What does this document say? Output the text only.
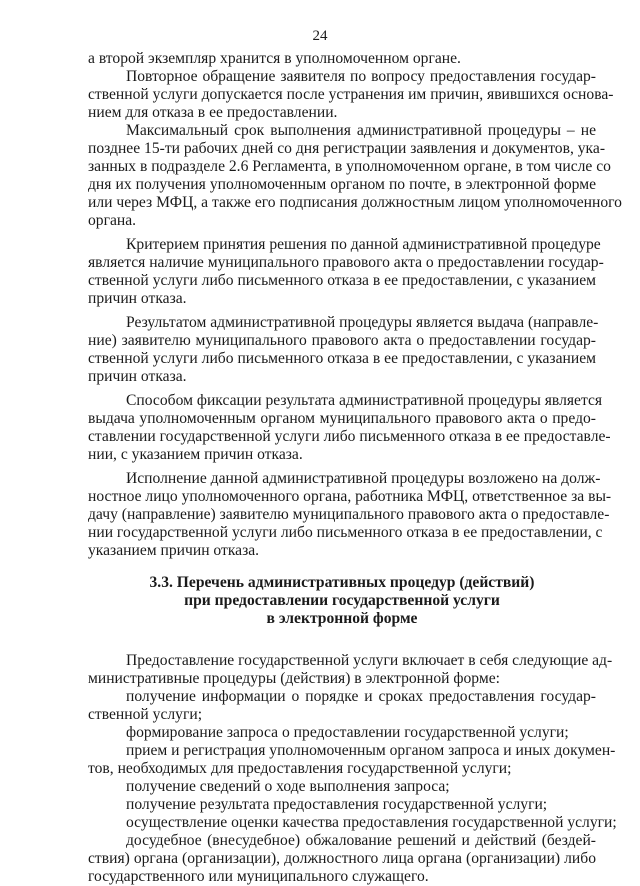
24
а второй экземпляр хранится в уполномоченном органе.
Повторное обращение заявителя по вопросу предоставления государ-
ственной услуги допускается после устранения им причин, явившихся основа-
нием для отказа в ее предоставлении.
Максимальный срок выполнения административной процедуры – не
позднее 15-ти рабочих дней со дня регистрации заявления и документов, ука-
занных в подразделе 2.6 Регламента, в уполномоченном органе, в том числе со
дня их получения уполномоченным органом по почте, в электронной форме
или через МФЦ, а также его подписания должностным лицом уполномоченного
органа.
Критерием принятия решения по данной административной процедуре
является наличие муниципального правового акта о предоставлении государ-
ственной услуги либо письменного отказа в ее предоставлении, с указанием
причин отказа.
Результатом административной процедуры является выдача (направле-
ние) заявителю муниципального правового акта о предоставлении государ-
ственной услуги либо письменного отказа в ее предоставлении, с указанием
причин отказа.
Способом фиксации результата административной процедуры является
выдача уполномоченным органом муниципального правового акта о предо-
ставлении государственной услуги либо письменного отказа в ее предоставле-
нии, с указанием причин отказа.
Исполнение данной административной процедуры возложено на долж-
ностное лицо уполномоченного органа, работника МФЦ, ответственное за вы-
дачу (направление) заявителю муниципального правового акта о предоставле-
нии государственной услуги либо письменного отказа в ее предоставлении, с
указанием причин отказа.
3.3. Перечень административных процедур (действий)
при предоставлении государственной услуги
в электронной форме
Предоставление государственной услуги включает в себя следующие ад-
министративные процедуры (действия) в электронной форме:
получение информации о порядке и сроках предоставления государ-
ственной услуги;
формирование запроса о предоставлении государственной услуги;
прием и регистрация уполномоченным органом запроса и иных докумен-
тов, необходимых для предоставления государственной услуги;
получение сведений о ходе выполнения запроса;
получение результата предоставления государственной услуги;
осуществление оценки качества предоставления государственной услуги;
досудебное (внесудебное) обжалование решений и действий (бездей-
ствия) органа (организации), должностного лица органа (организации) либо
государственного или муниципального служащего.
